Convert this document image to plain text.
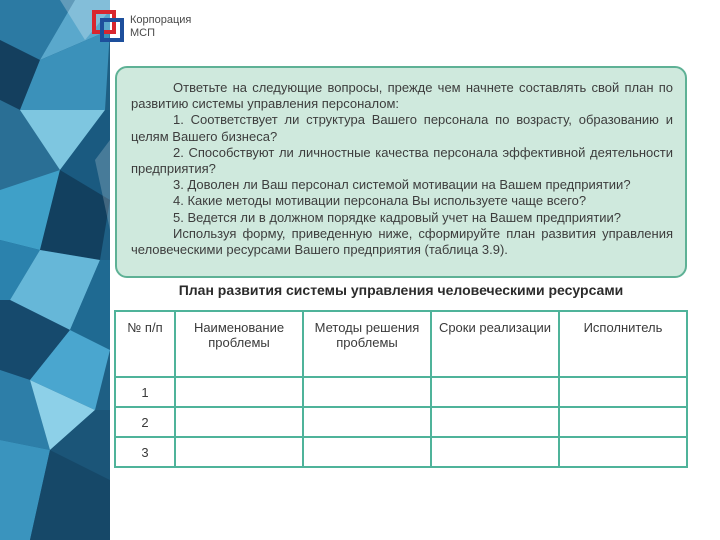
Корпорация
МСП

Ответьте на следующие вопросы, прежде чем начнете составлять свой план по развитию системы управления персоналом:

1. Соответствует ли структура Вашего персонала по возрасту, образованию и целям Вашего бизнеса?

2. Способствуют ли личностные качества персонала эффективной деятельности предприятия?

3. Доволен ли Ваш персонал системой мотивации на Вашем предприятии?

4. Какие методы мотивации персонала Вы используете чаще всего?

5. Ведется ли в должном порядке кадровый учет на Вашем предприятии?

Используя форму, приведенную ниже, сформируйте план развития управления человеческими ресурсами Вашего предприятия (таблица 3.9).

План развития системы управления человеческими ресурсами
№ п/п	Наименование проблемы	Методы решения проблемы	Сроки реализации	Исполнитель
1				
2				
3				
